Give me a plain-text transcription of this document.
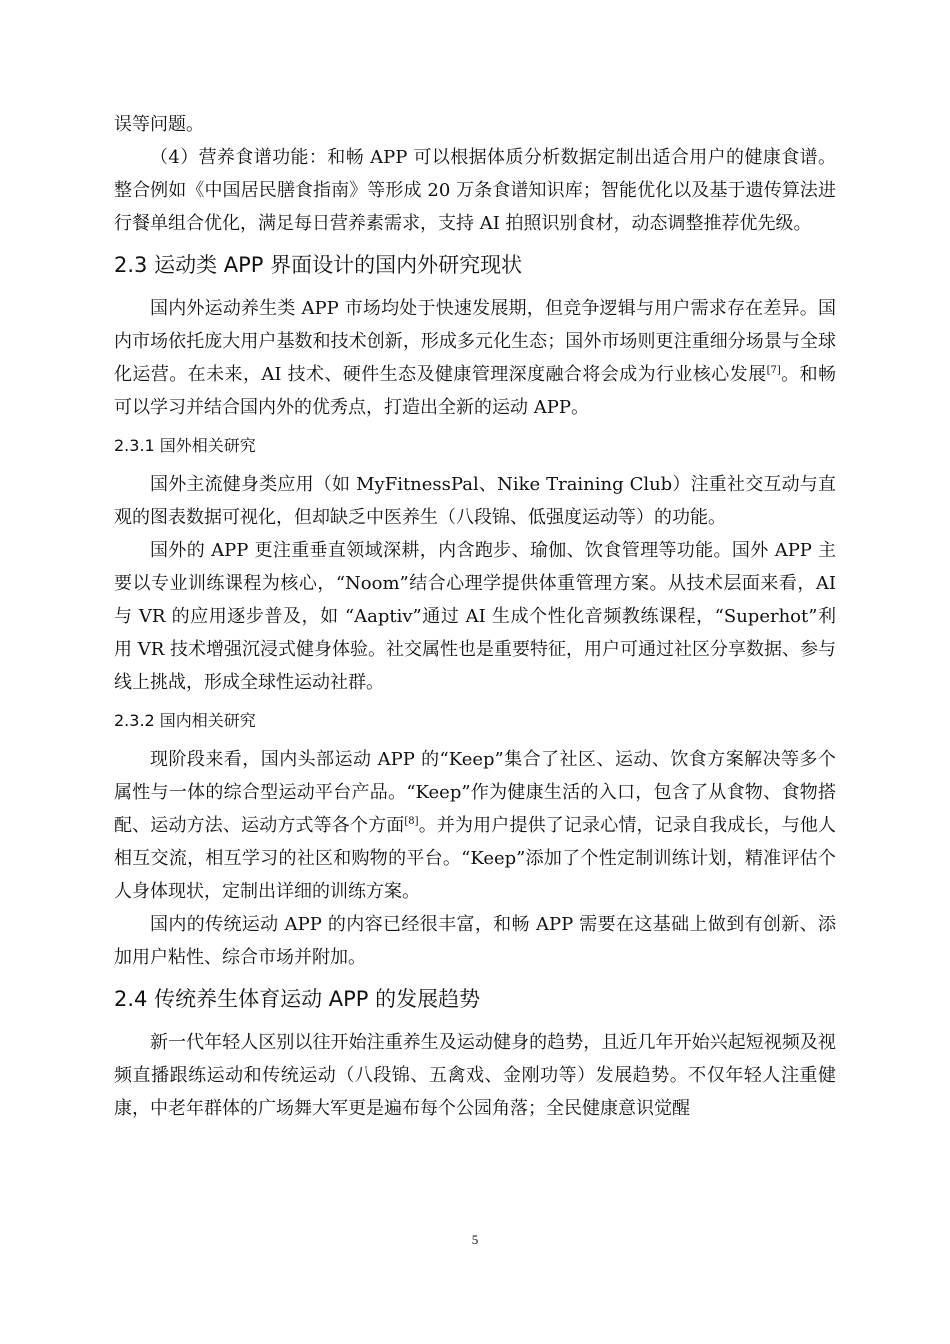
误等问题。

（4）营养食谱功能：和畅 APP 可以根据体质分析数据定制出适合用户的健康食谱。整合例如《中国居民膳食指南》等形成 20 万条食谱知识库；智能优化以及基于遗传算法进行餐单组合优化，满足每日营养素需求，支持 AI 拍照识别食材，动态调整推荐优先级。

2.3 运动类 APP 界面设计的国内外研究现状

国内外运动养生类 APP 市场均处于快速发展期，但竞争逻辑与用户需求存在差异。国内市场依托庞大用户基数和技术创新，形成多元化生态；国外市场则更注重细分场景与全球化运营。在未来，AI 技术、硬件生态及健康管理深度融合将会成为行业核心发展[7]。和畅可以学习并结合国内外的优秀点，打造出全新的运动 APP。

2.3.1 国外相关研究

国外主流健身类应用（如 MyFitnessPal、Nike Training Club）注重社交互动与直观的图表数据可视化，但却缺乏中医养生（八段锦、低强度运动等）的功能。

国外的 APP 更注重垂直领域深耕，内含跑步、瑜伽、饮食管理等功能。国外 APP 主要以专业训练课程为核心，“Noom”结合心理学提供体重管理方案。从技术层面来看，AI 与 VR 的应用逐步普及，如 “Aaptiv”通过 AI 生成个性化音频教练课程，“Superhot”利用 VR 技术增强沉浸式健身体验。社交属性也是重要特征，用户可通过社区分享数据、参与线上挑战，形成全球性运动社群。

2.3.2 国内相关研究

现阶段来看，国内头部运动 APP 的“Keep”集合了社区、运动、饮食方案解决等多个属性与一体的综合型运动平台产品。“Keep”作为健康生活的入口，包含了从食物、食物搭配、运动方法、运动方式等各个方面[8]。并为用户提供了记录心情，记录自我成长，与他人相互交流，相互学习的社区和购物的平台。“Keep”添加了个性定制训练计划，精准评估个人身体现状，定制出详细的训练方案。

国内的传统运动 APP 的内容已经很丰富，和畅 APP 需要在这基础上做到有创新、添加用户粘性、综合市场并附加。

2.4 传统养生体育运动 APP 的发展趋势

新一代年轻人区别以往开始注重养生及运动健身的趋势，且近几年开始兴起短视频及视频直播跟练运动和传统运动（八段锦、五禽戏、金刚功等）发展趋势。不仅年轻人注重健康，中老年群体的广场舞大军更是遍布每个公园角落；全民健康意识觉醒

5
